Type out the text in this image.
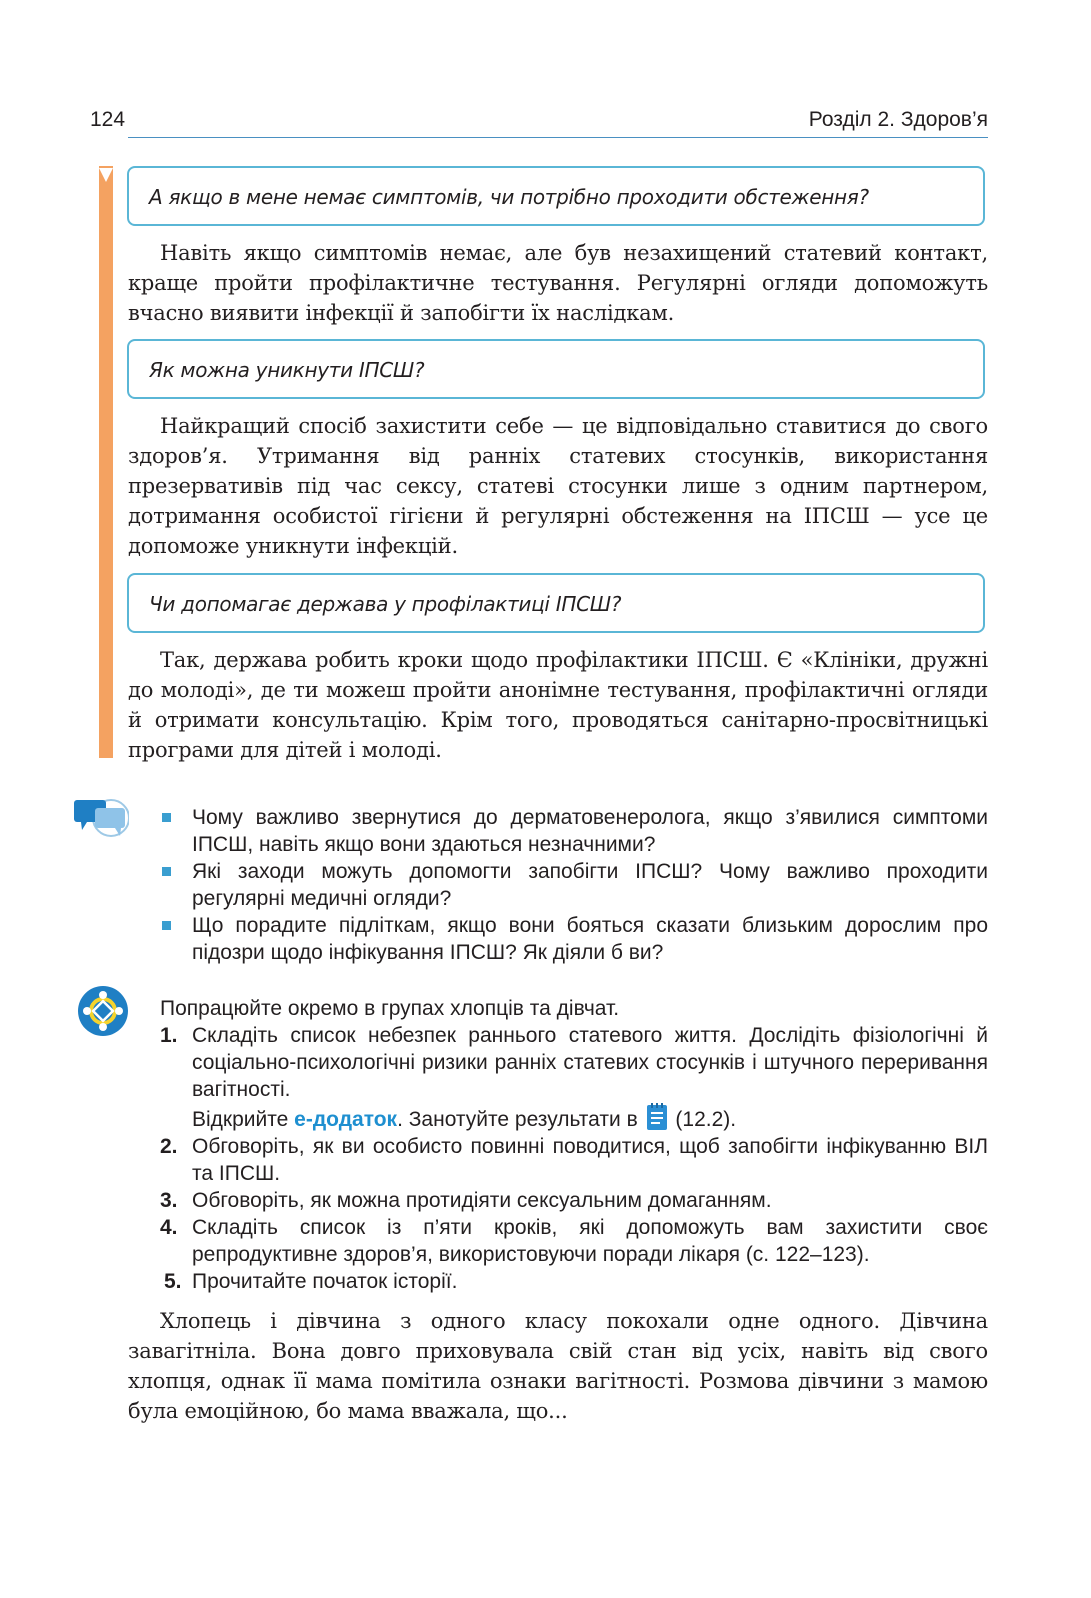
124	Розділ 2. Здоров’я
А якщо в мене немає симптомів, чи потрібно проходити обстеження?

Навіть якщо симптомів немає, але був незахищений статевий контакт, краще пройти профілактичне тестування. Регулярні огляди допоможуть вчасно виявити інфекції й запобігти їх наслідкам.

Як можна уникнути ІПСШ?

Найкращий спосіб захистити себе — це відповідально ставитися до свого здоров’я. Утримання від ранніх статевих стосунків, використання презервативів під час сексу, статеві стосунки лише з одним партнером, дотримання особистої гігієни й регулярні обстеження на ІПСШ — усе це допоможе уникнути інфекцій.

Чи допомагає держава у профілактиці ІПСШ?

Так, держава робить кроки щодо профілактики ІПСШ. Є «Клініки, дружні до молоді», де ти можеш пройти анонімне тестування, профілактичні огляди й отримати консультацію. Крім того, проводяться санітарно-просвітницькі програми для дітей і молоді.

Чому важливо звернутися до дерматовенеролога, якщо з’явилися симптоми ІПСШ, навіть якщо вони здаються незначними?
Які заходи можуть допомогти запобігти ІПСШ? Чому важливо проходити регулярні медичні огляди?
Що порадите підліткам, якщо вони бояться сказати близьким дорослим про підозри щодо інфікування ІПСШ? Як діяли б ви?
Попрацюйте окремо в групах хлопців та дівчат.
1. Складіть список небезпек раннього статевого життя. Дослідіть фізіологічні й соціально-психологічні ризики ранніх статевих стосунків і штучного переривання вагітності.
Відкрийте е-додаток. Занотуйте результати в  (12.2).
2. Обговоріть, як ви особисто повинні поводитися, щоб запобігти інфікуванню ВІЛ та ІПСШ.
3. Обговоріть, як можна протидіяти сексуальним домаганням.
4. Складіть список із п’яти кроків, які допоможуть вам захистити своє репродуктивне здоров’я, використовуючи поради лікаря (с. 122–123).
5. Прочитайте початок історії.

Хлопець і дівчина з одного класу покохали одне одного. Дівчина завагітніла. Вона довго приховувала свій стан від усіх, навіть від свого хлопця, однак її мама помітила ознаки вагітності. Розмова дівчини з мамою була емоційною, бо мама вважала, що...
